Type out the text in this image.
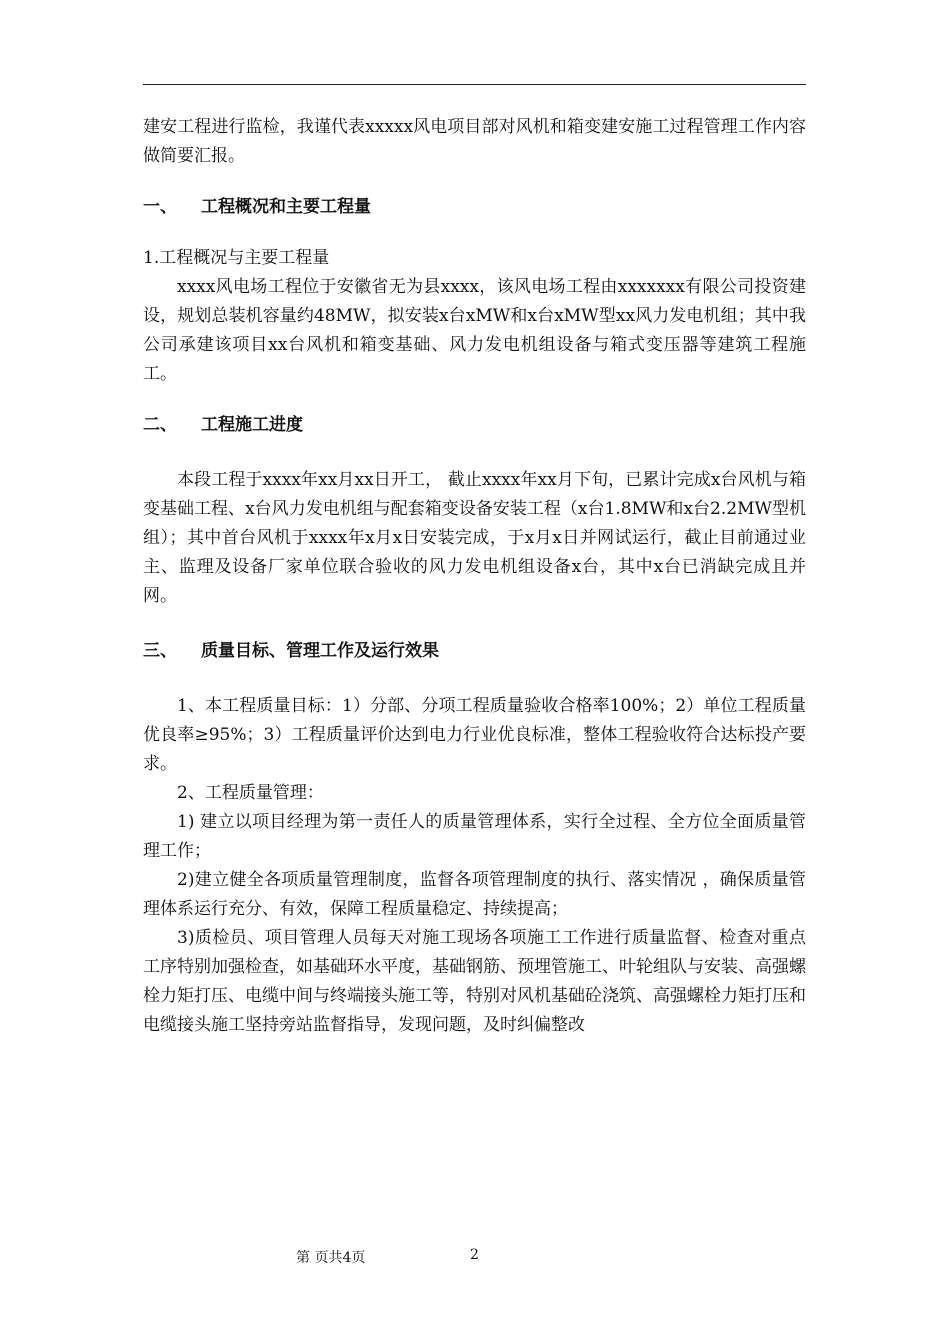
建安工程进行监检，我谨代表xxxxx风电项目部对风机和箱变建安施工过程管理工作内容做简要汇报。

一、 工程概况和主要工程量

1.工程概况与主要工程量

xxxx风电场工程位于安徽省无为县xxxx，该风电场工程由xxxxxxx有限公司投资建设，规划总装机容量约48MW，拟安装x台xMW和x台xMW型xx风力发电机组；其中我公司承建该项目xx台风机和箱变基础、风力发电机组设备与箱式变压器等建筑工程施工。

二、 工程施工进度

本段工程于xxxx年xx月xx日开工， 截止xxxx年xx月下旬，已累计完成x台风机与箱变基础工程、x台风力发电机组与配套箱变设备安装工程（x台1.8MW和x台2.2MW型机组）；其中首台风机于xxxx年x月x日安装完成，于x月x日并网试运行，截止目前通过业主、监理及设备厂家单位联合验收的风力发电机组设备x台，其中x台已消缺完成且并网。

三、 质量目标、管理工作及运行效果

1、本工程质量目标：1）分部、分项工程质量验收合格率100%；2）单位工程质量优良率≥95%；3）工程质量评价达到电力行业优良标准，整体工程验收符合达标投产要求。

2、工程质量管理：

1) 建立以项目经理为第一责任人的质量管理体系，实行全过程、全方位全面质量管理工作；

2)建立健全各项质量管理制度，监督各项管理制度的执行、落实情况 ，确保质量管理体系运行充分、有效，保障工程质量稳定、持续提高；

3)质检员、项目管理人员每天对施工现场各项施工工作进行质量监督、检查对重点工序特别加强检查，如基础环水平度，基础钢筋、预埋管施工、叶轮组队与安装、高强螺栓力矩打压、电缆中间与终端接头施工等，特别对风机基础砼浇筑、高强螺栓力矩打压和电缆接头施工坚持旁站监督指导，发现问题，及时纠偏整改

第 页共4页	2
